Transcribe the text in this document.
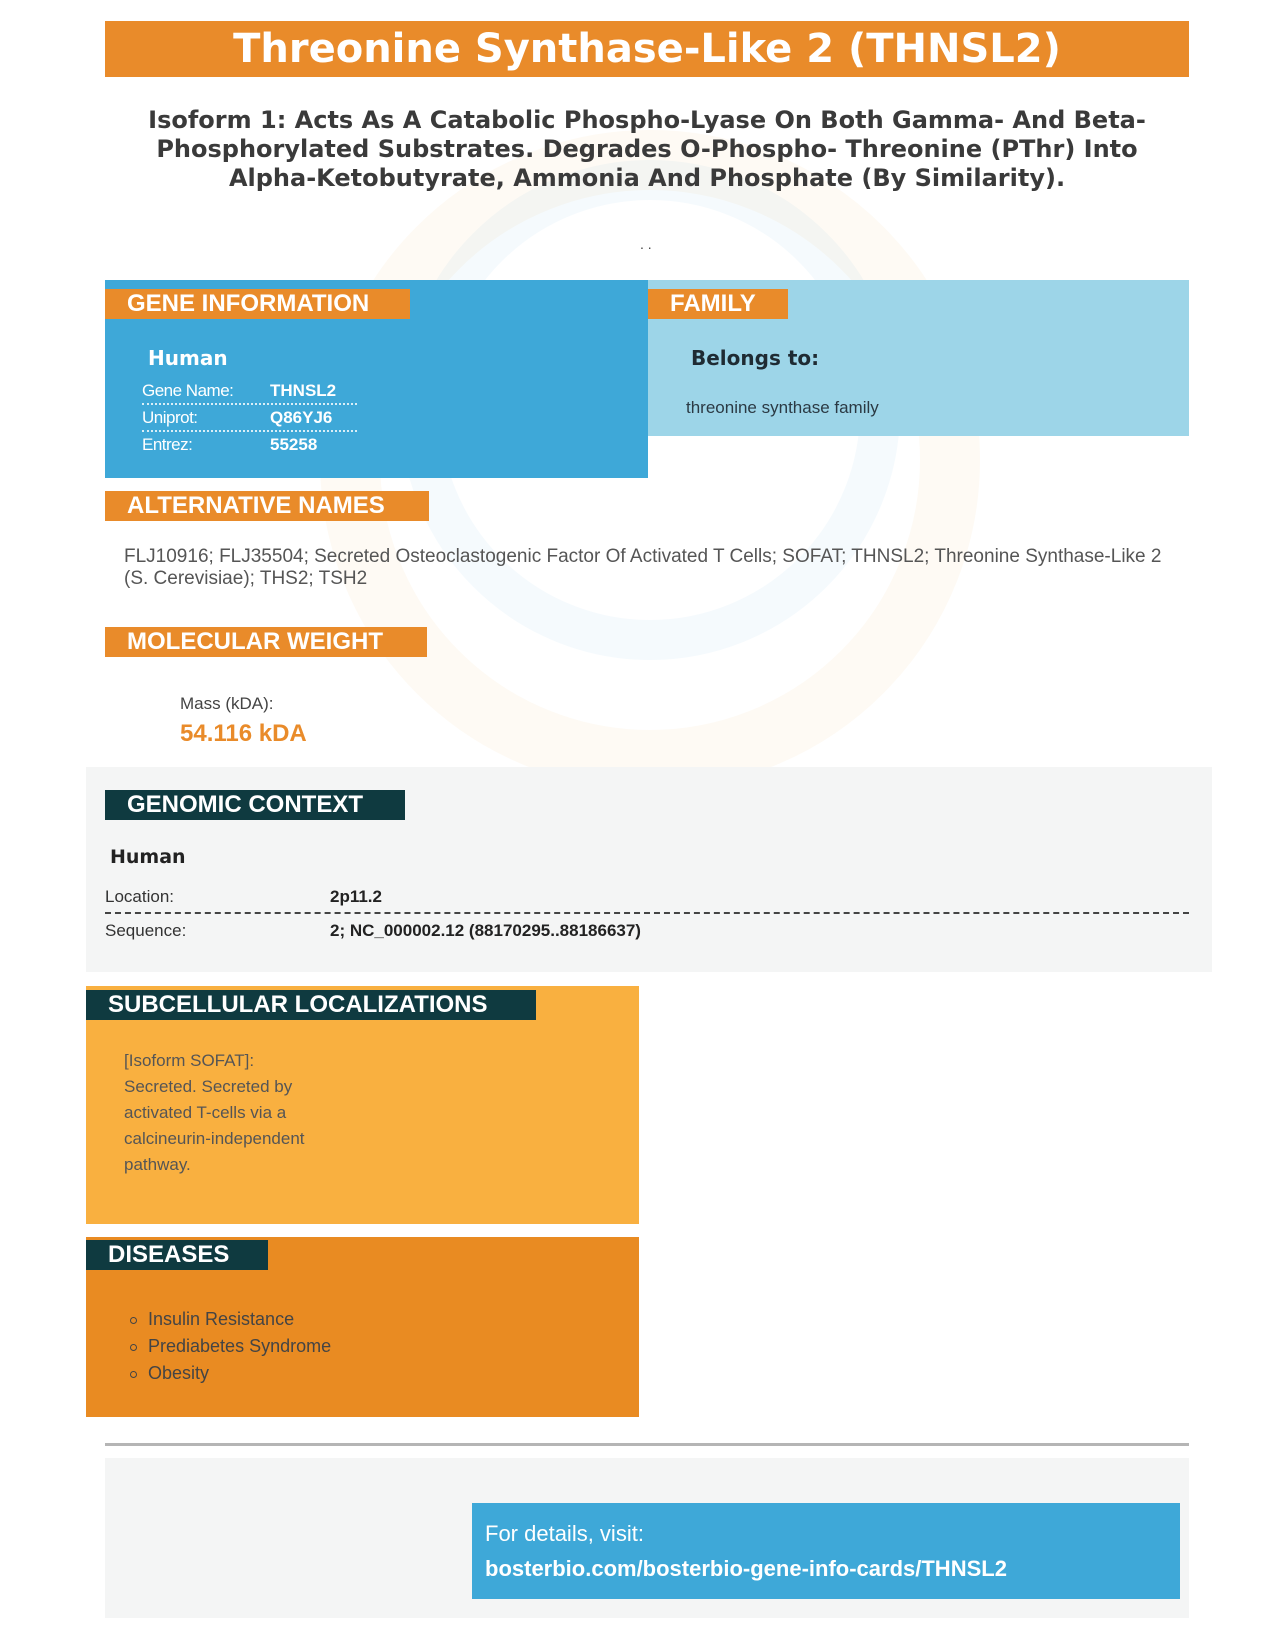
Threonine Synthase-Like 2 (THNSL2)
Isoform 1: Acts As A Catabolic Phospho-Lyase On Both Gamma- And Beta-Phosphorylated Substrates. Degrades O-Phospho- Threonine (PThr) Into Alpha-Ketobutyrate, Ammonia And Phosphate (By Similarity).
. .
GENE INFORMATION
Human
Gene Name:	THNSL2
Uniprot:	Q86YJ6
Entrez:	55258
FAMILY
Belongs to:
threonine synthase family
ALTERNATIVE NAMES
FLJ10916; FLJ35504; Secreted Osteoclastogenic Factor Of Activated T Cells; SOFAT; THNSL2; Threonine Synthase-Like 2 (S. Cerevisiae); THS2; TSH2
MOLECULAR WEIGHT
Mass (kDA):
54.116 kDA
GENOMIC CONTEXT
Human
Location:	2p11.2
Sequence:	2; NC_000002.12 (88170295..88186637)
SUBCELLULAR LOCALIZATIONS
[Isoform SOFAT]: Secreted. Secreted by activated T-cells via a calcineurin-independent pathway.
DISEASES
Insulin Resistance
Prediabetes Syndrome
Obesity
For details, visit:
bosterbio.com/bosterbio-gene-info-cards/THNSL2
